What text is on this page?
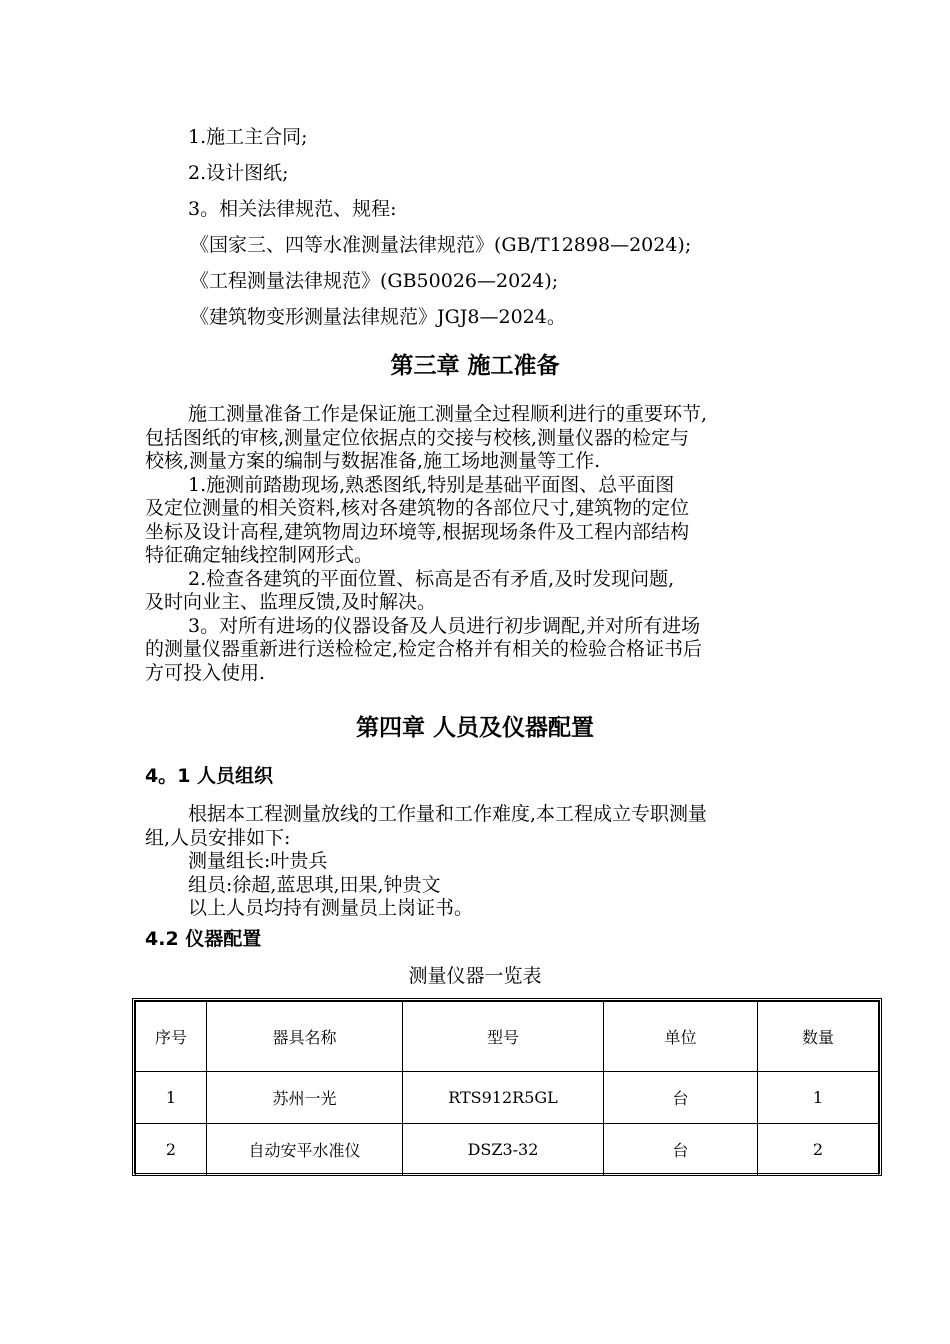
1.施工主合同;
2.设计图纸;
3。相关法律规范、规程:
《国家三、四等水准测量法律规范》(GB/T12898—2024);
《工程测量法律规范》(GB50026—2024);
《建筑物变形测量法律规范》JGJ8—2024。
第三章 施工准备
施工测量准备工作是保证施工测量全过程顺利进行的重要环节,
包括图纸的审核,测量定位依据点的交接与校核,测量仪器的检定与
校核,测量方案的编制与数据准备,施工场地测量等工作.
1.施测前踏勘现场,熟悉图纸,特别是基础平面图、总平面图
及定位测量的相关资料,核对各建筑物的各部位尺寸,建筑物的定位
坐标及设计高程,建筑物周边环境等,根据现场条件及工程内部结构
特征确定轴线控制网形式。
2.检查各建筑的平面位置、标高是否有矛盾,及时发现问题,
及时向业主、监理反馈,及时解决。
3。对所有进场的仪器设备及人员进行初步调配,并对所有进场
的测量仪器重新进行送检检定,检定合格并有相关的检验合格证书后
方可投入使用.
第四章 人员及仪器配置
4。1 人员组织
根据本工程测量放线的工作量和工作难度,本工程成立专职测量
组,人员安排如下:
测量组长:叶贵兵
组员:徐超,蓝思琪,田果,钟贵文
以上人员均持有测量员上岗证书。
4.2 仪器配置
测量仪器一览表
序号	器具名称	型号	单位	数量
1	苏州一光	RTS912R5GL	台	1
2	自动安平水准仪	DSZ3-32	台	2
